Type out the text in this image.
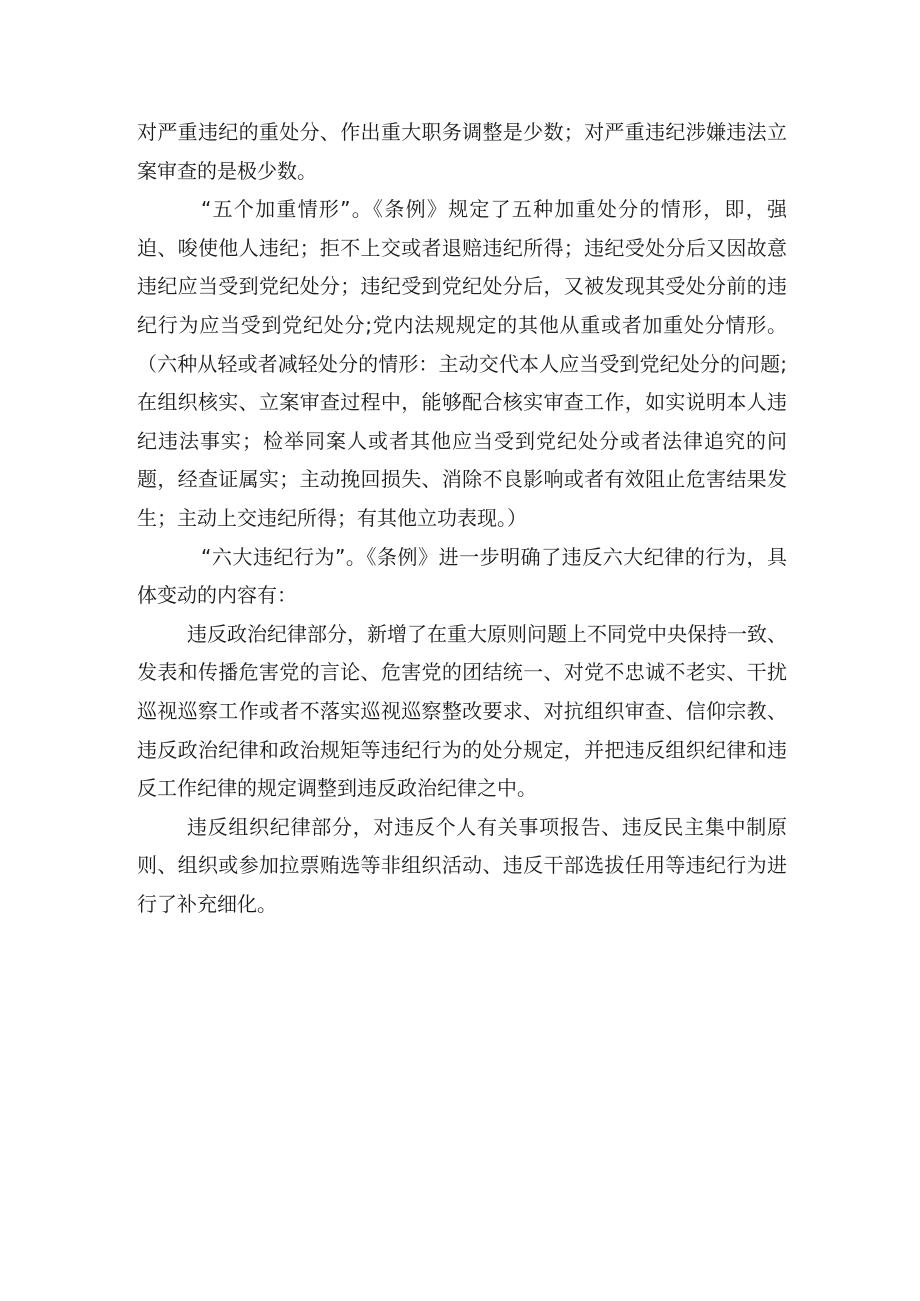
对严重违纪的重处分、作出重大职务调整是少数；对严重违纪涉嫌违法立案审查的是极少数。

“五个加重情形”。《条例》规定了五种加重处分的情形，即，强迫、唆使他人违纪；拒不上交或者退赔违纪所得；违纪受处分后又因故意违纪应当受到党纪处分；违纪受到党纪处分后，又被发现其受处分前的违纪行为应当受到党纪处分;党内法规规定的其他从重或者加重处分情形。（六种从轻或者减轻处分的情形：主动交代本人应当受到党纪处分的问题;在组织核实、立案审查过程中，能够配合核实审查工作，如实说明本人违纪违法事实；检举同案人或者其他应当受到党纪处分或者法律追究的问题，经查证属实；主动挽回损失、消除不良影响或者有效阻止危害结果发生；主动上交违纪所得；有其他立功表现。）

“六大违纪行为”。《条例》进一步明确了违反六大纪律的行为，具体变动的内容有：

违反政治纪律部分，新增了在重大原则问题上不同党中央保持一致、发表和传播危害党的言论、危害党的团结统一、对党不忠诚不老实、干扰巡视巡察工作或者不落实巡视巡察整改要求、对抗组织审查、信仰宗教、违反政治纪律和政治规矩等违纪行为的处分规定，并把违反组织纪律和违反工作纪律的规定调整到违反政治纪律之中。

违反组织纪律部分，对违反个人有关事项报告、违反民主集中制原则、组织或参加拉票贿选等非组织活动、违反干部选拔任用等违纪行为进行了补充细化。
